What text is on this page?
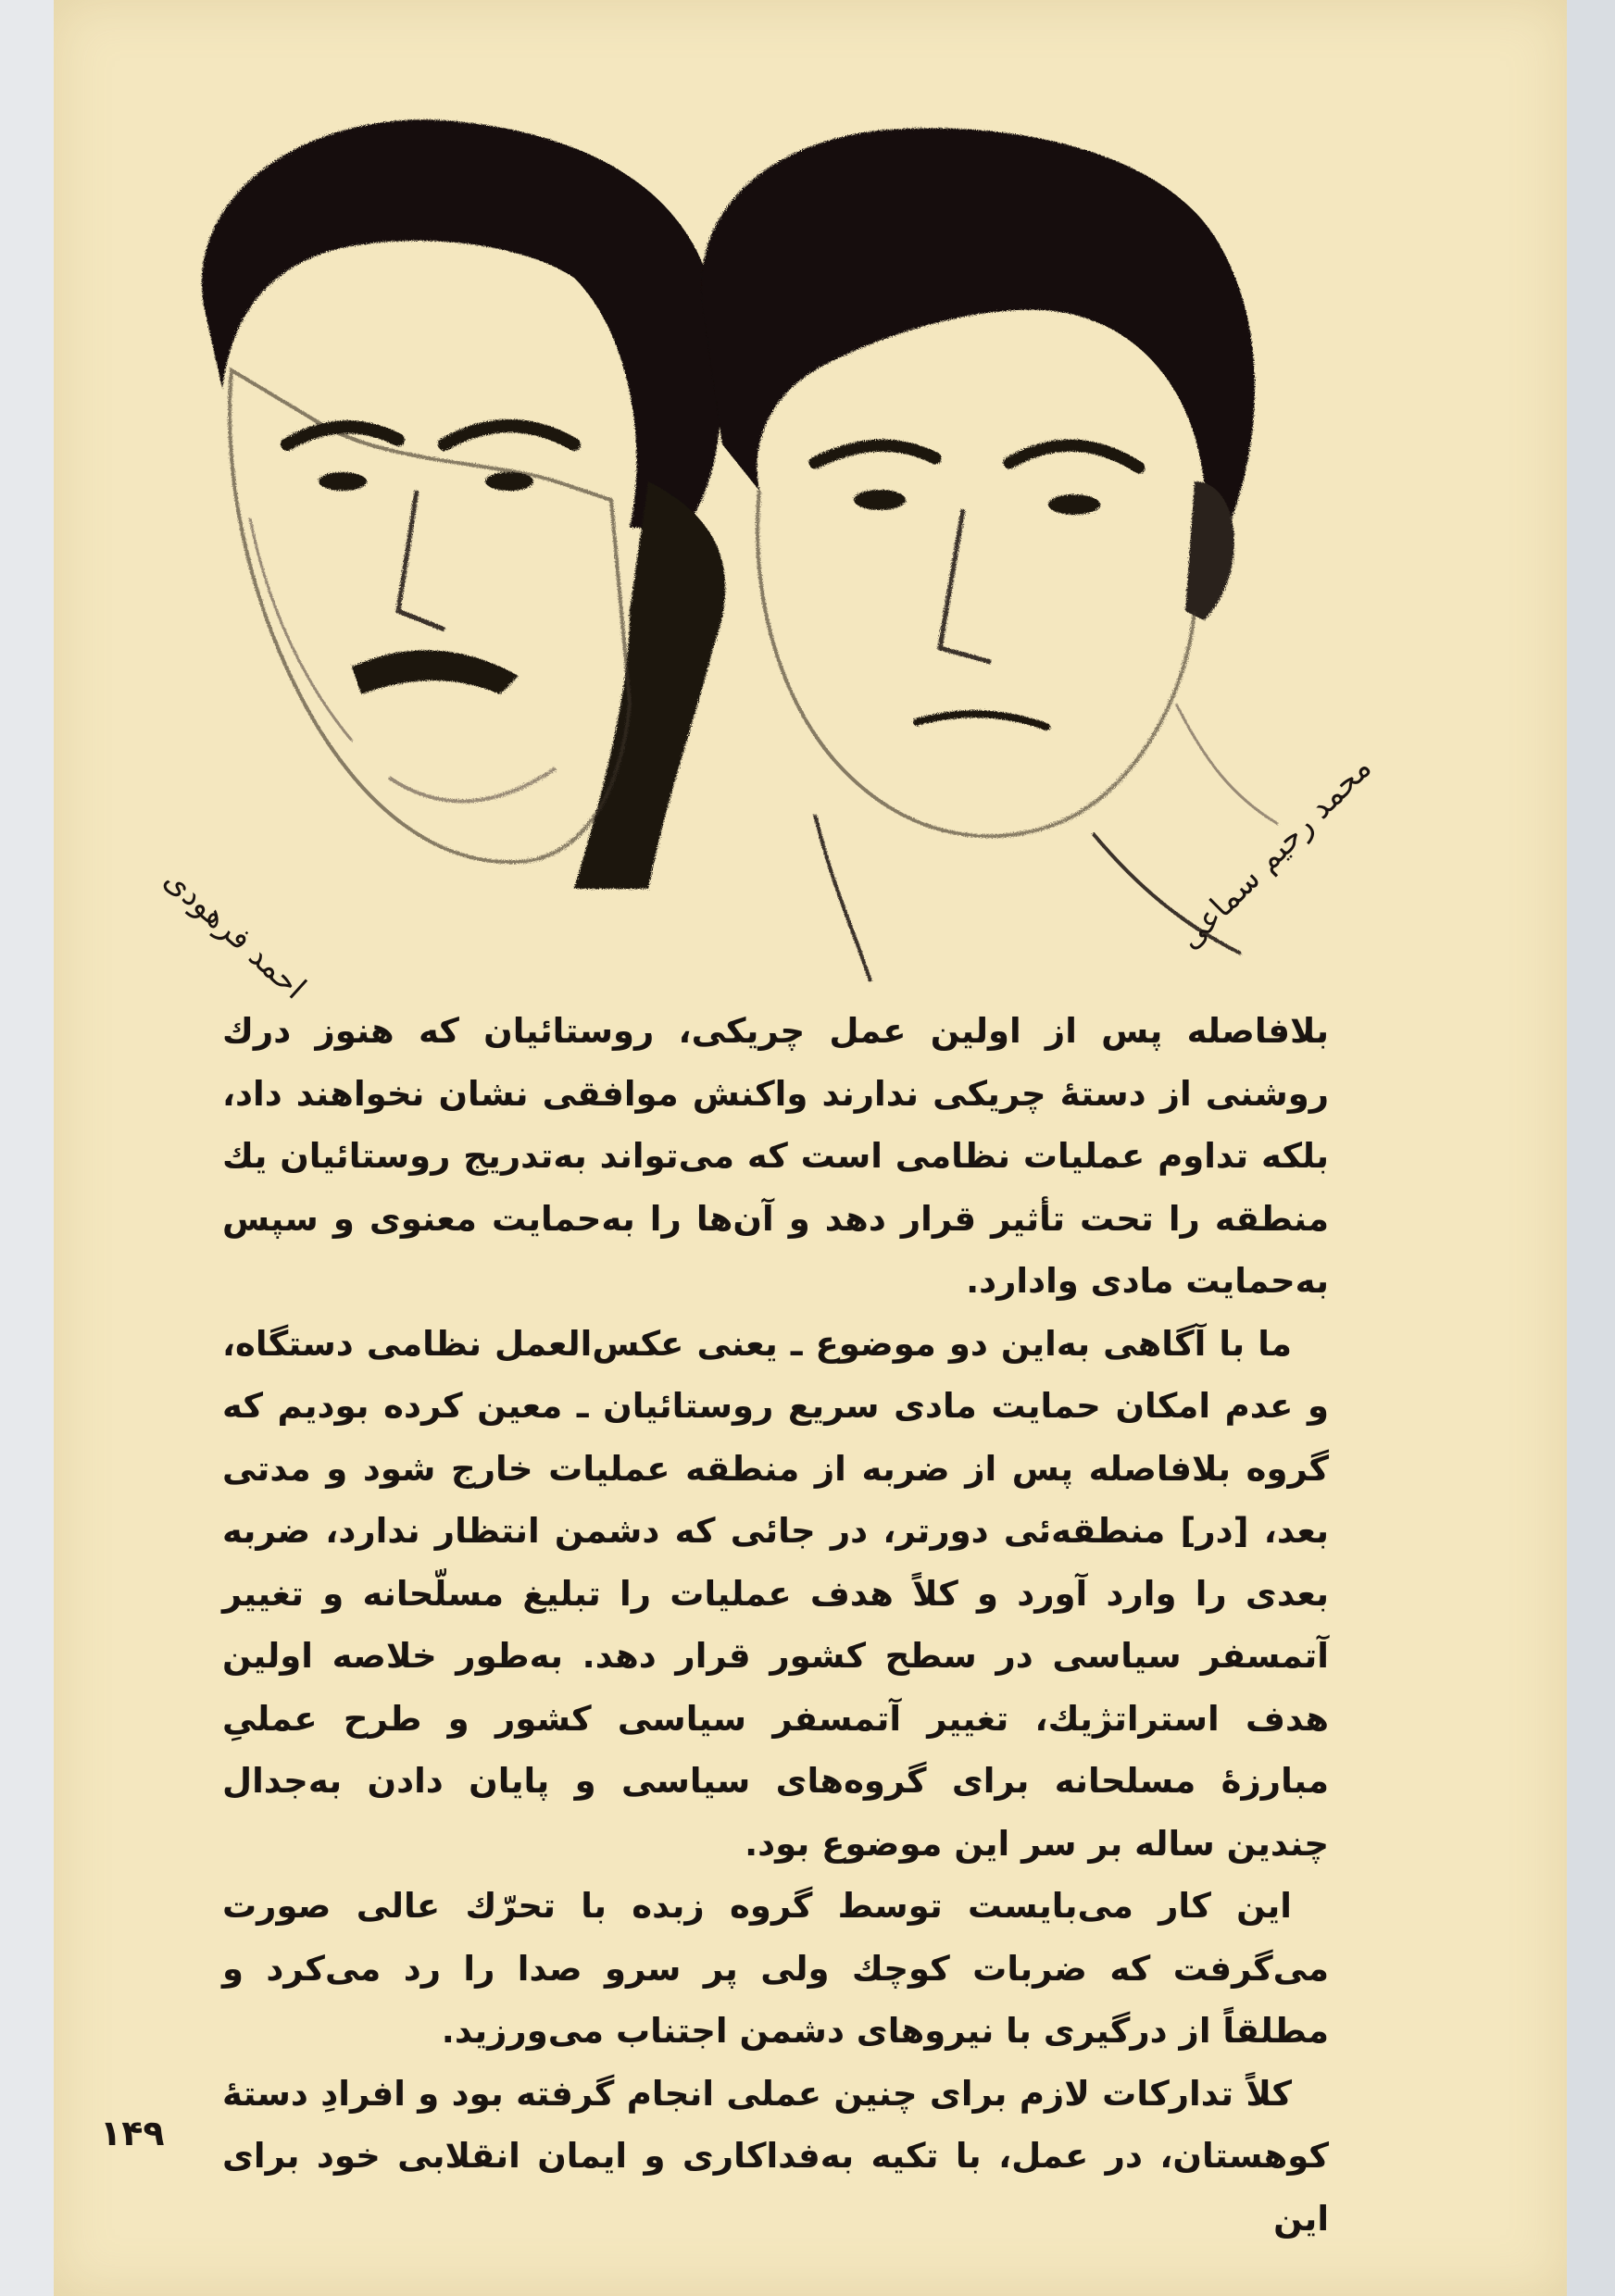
احمد فرهودی	محمد رحیم سماعی

بلافاصله پس از اولین عمل چریکی، روستائیان که هنوز درك روشنی از دستهٔ چریکی ندارند واکنش موافقی نشان نخواهند داد، بلکه تداوم عملیات نظامی است که می‌تواند به‌تدریج روستائیان یك منطقه را تحت تأثیر قرار دهد و آن‌ها را به‌حمایت معنوی و سپس به‌حمایت مادی وادارد.

ما با آگاهی به‌این دو موضوع ـ یعنی عکس‌العمل نظامی دستگاه، و عدم امکان حمایت مادی سریع روستائیان ـ معین کرده بودیم که گروه بلافاصله پس از ضربه از منطقه عملیات خارج شود و مدتی بعد، [در] منطقه‌ئی دورتر، در جائی که دشمن انتظار ندارد، ضربه بعدی را وارد آورد و کلاً هدف عملیات را تبلیغ مسلّحانه و تغییر آتمسفر سیاسی در سطح کشور قرار دهد. به‌طور خلاصه اولین هدف استراتژیك، تغییر آتمسفر سیاسی کشور و طرح عملیِ مبارزهٔ مسلحانه برای گروه‌های سیاسی و پایان دادن به‌جدال چندین ساله بر سر این موضوع بود.

این کار می‌بایست توسط گروه زبده با تحرّك عالی صورت می‌گرفت که ضربات کوچك ولی پر سرو صدا را رد می‌کرد و مطلقاً از درگیری با نیروهای دشمن اجتناب می‌ورزید.

کلاً تدارکات لازم برای چنین عملی انجام گرفته بود و افرادِ دستهٔ کوهستان، در عمل، با تکیه به‌فداکاری و ایمان انقلابی خود برای این

۱۴۹
